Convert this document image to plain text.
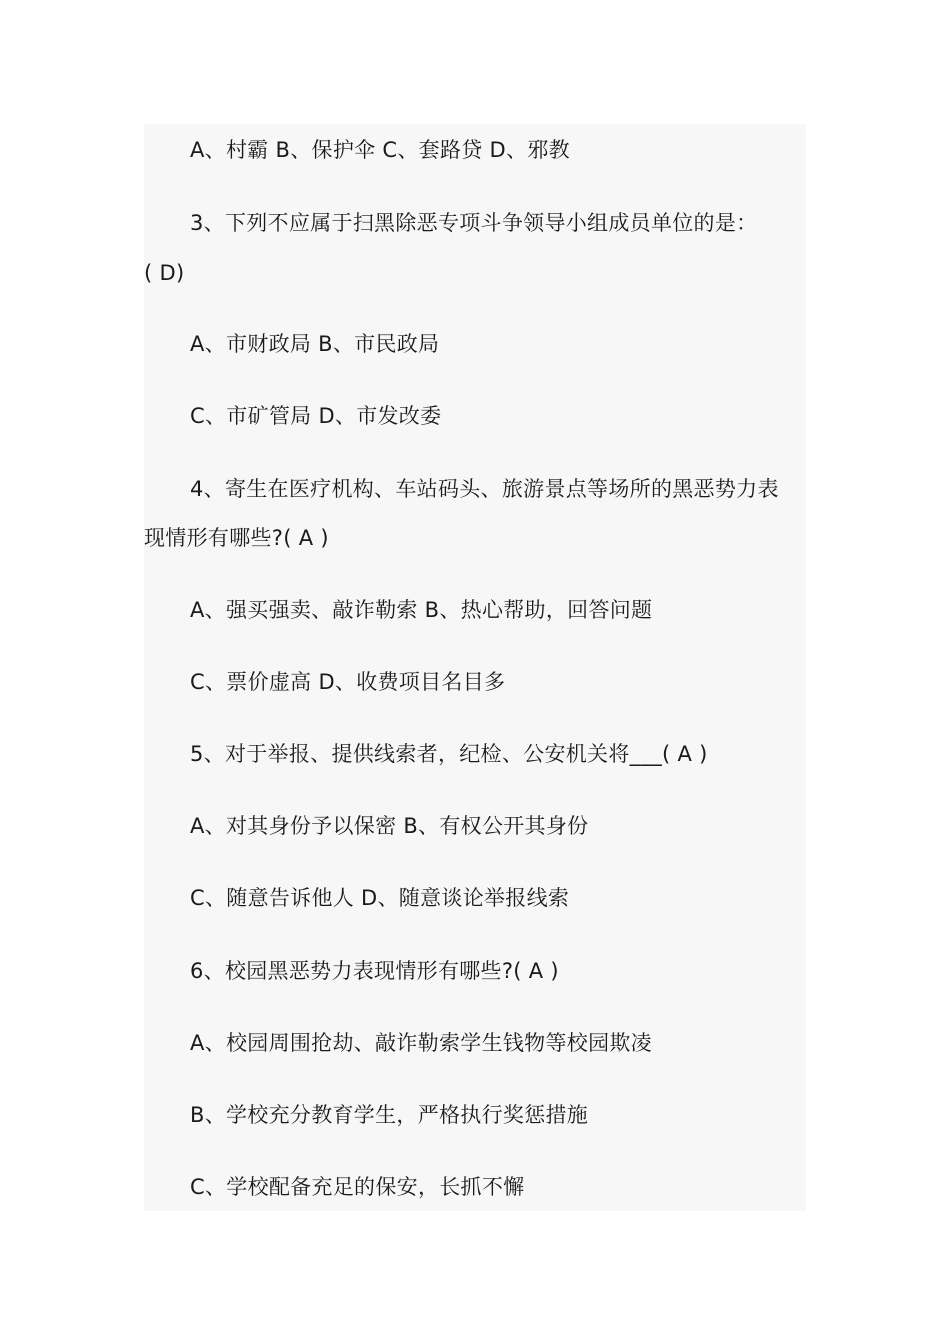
A、村霸 B、保护伞 C、套路贷 D、邪教
3、下列不应属于扫黑除恶专项斗争领导小组成员单位的是：
( D)
A、市财政局 B、市民政局
C、市矿管局 D、市发改委
4、寄生在医疗机构、车站码头、旅游景点等场所的黑恶势力表
现情形有哪些?( A )
A、强买强卖、敲诈勒索 B、热心帮助，回答问题
C、票价虚高 D、收费项目名目多
5、对于举报、提供线索者，纪检、公安机关将___( A )
A、对其身份予以保密 B、有权公开其身份
C、随意告诉他人 D、随意谈论举报线索
6、校园黑恶势力表现情形有哪些?( A )
A、校园周围抢劫、敲诈勒索学生钱物等校园欺凌
B、学校充分教育学生，严格执行奖惩措施
C、学校配备充足的保安，长抓不懈
